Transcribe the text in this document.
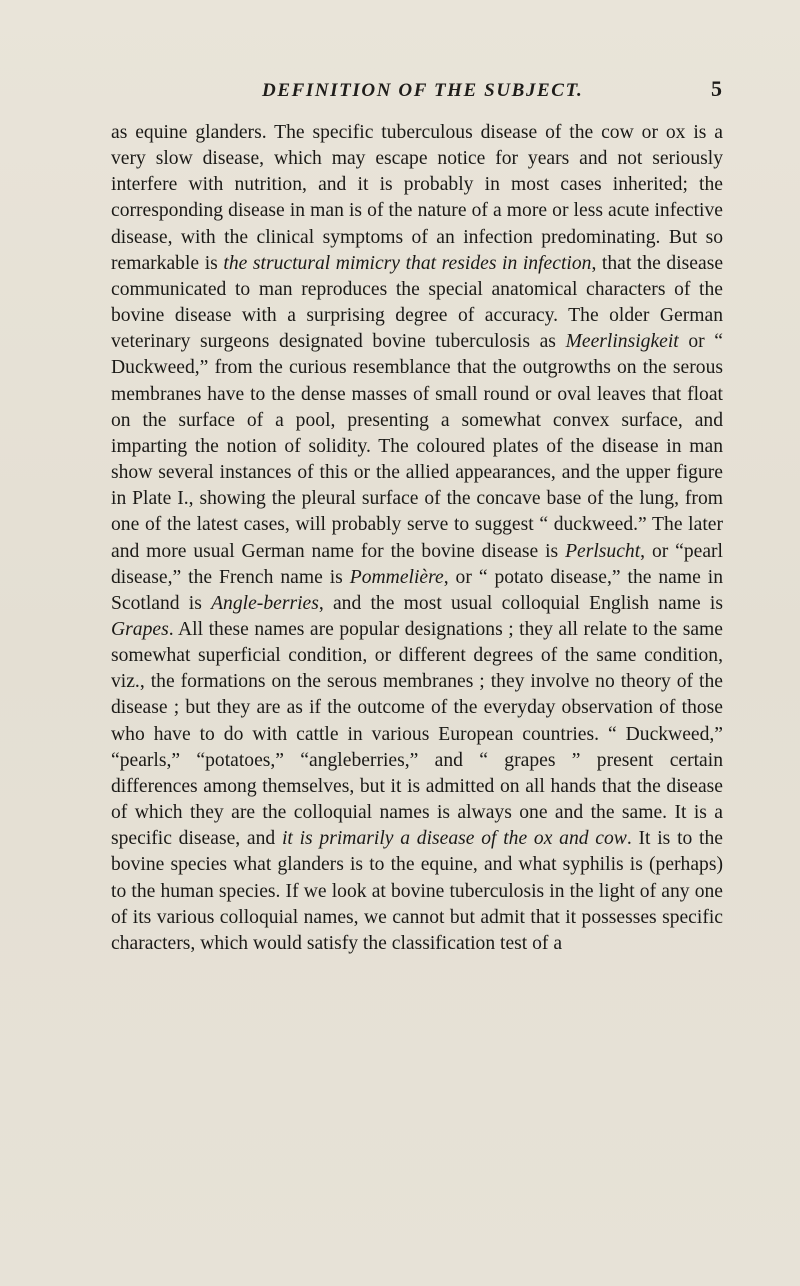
DEFINITION OF THE SUBJECT.	5

as equine glanders. The specific tuberculous disease of the cow or ox is a very slow disease, which may escape notice for years and not seriously interfere with nutrition, and it is probably in most cases inherited; the corresponding disease in man is of the nature of a more or less acute infective disease, with the clinical symptoms of an infection predominating. But so remarkable is the structural mimicry that resides in infection, that the disease communicated to man reproduces the special anatomical characters of the bovine disease with a surprising degree of accuracy. The older German veterinary surgeons designated bovine tuberculosis as Meerlinsigkeit or “ Duckweed,” from the curious resemblance that the outgrowths on the serous membranes have to the dense masses of small round or oval leaves that float on the surface of a pool, presenting a somewhat convex surface, and imparting the notion of solidity. The coloured plates of the disease in man show several instances of this or the allied appearances, and the upper figure in Plate I., showing the pleural surface of the concave base of the lung, from one of the latest cases, will probably serve to suggest “ duckweed.” The later and more usual German name for the bovine disease is Perlsucht, or “pearl disease,” the French name is Pommelière, or “ potato disease,” the name in Scotland is Angle-berries, and the most usual colloquial English name is Grapes. All these names are popular designations ; they all relate to the same somewhat superficial condition, or different degrees of the same condition, viz., the formations on the serous membranes ; they involve no theory of the disease ; but they are as if the outcome of the everyday observation of those who have to do with cattle in various European countries. “ Duckweed,” “pearls,” “potatoes,” “angleberries,” and “ grapes ” present certain differences among themselves, but it is admitted on all hands that the disease of which they are the colloquial names is always one and the same. It is a specific disease, and it is primarily a disease of the ox and cow. It is to the bovine species what glanders is to the equine, and what syphilis is (perhaps) to the human species. If we look at bovine tuberculosis in the light of any one of its various colloquial names, we cannot but admit that it possesses specific characters, which would satisfy the classification test of a
